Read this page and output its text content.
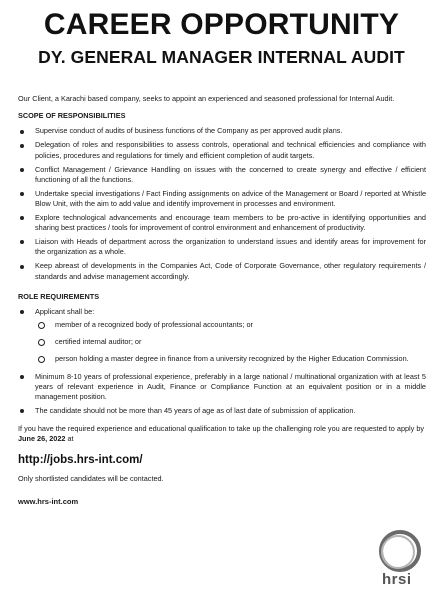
CAREER OPPORTUNITY
DY. GENERAL MANAGER INTERNAL AUDIT

Our Client, a Karachi based company, seeks to appoint an experienced and seasoned professional for Internal Audit.

SCOPE OF RESPONSIBILITIES
Supervise conduct of audits of business functions of the Company as per approved audit plans.
Delegation of roles and responsibilities to assess controls, operational and technical efficiencies and compliance with policies, procedures and regulations for timely and efficient completion of audit targets.
Conflict Management / Grievance Handling on issues with the concerned to create synergy and effective / efficient functioning of all the functions.
Undertake special investigations / Fact Finding assignments on advice of the Management or Board / reported at Whistle Blow Unit, with the aim to add value and identify improvement in processes and environment.
Explore technological advancements and encourage team members to be pro-active in identifying opportunities and sharing best practices / tools for improvement of control environment and enhancement of productivity.
Liaison with Heads of department across the organization to understand issues and identify areas for improvement for the organization as a whole.
Keep abreast of developments in the Companies Act, Code of Corporate Governance, other regulatory requirements / standards and advise management accordingly.
ROLE REQUIREMENTS
Applicant shall be:
member of a recognized body of professional accountants; or
certified internal auditor; or
person holding a master degree in finance from a university recognized by the Higher Education Commission.
Minimum 8-10 years of professional experience, preferably in a large national / multinational organization with at least 5 years of relevant experience in Audit, Finance or Compliance Function at an equivalent position or in a middle management position.
The candidate should not be more than 45 years of age as of last date of submission of application.

If you have the required experience and educational qualification to take up the challenging role you are requested to apply by June 26, 2022 at

http://jobs.hrs-int.com/
Only shortlisted candidates will be contacted.
www.hrs-int.com
hrsi
